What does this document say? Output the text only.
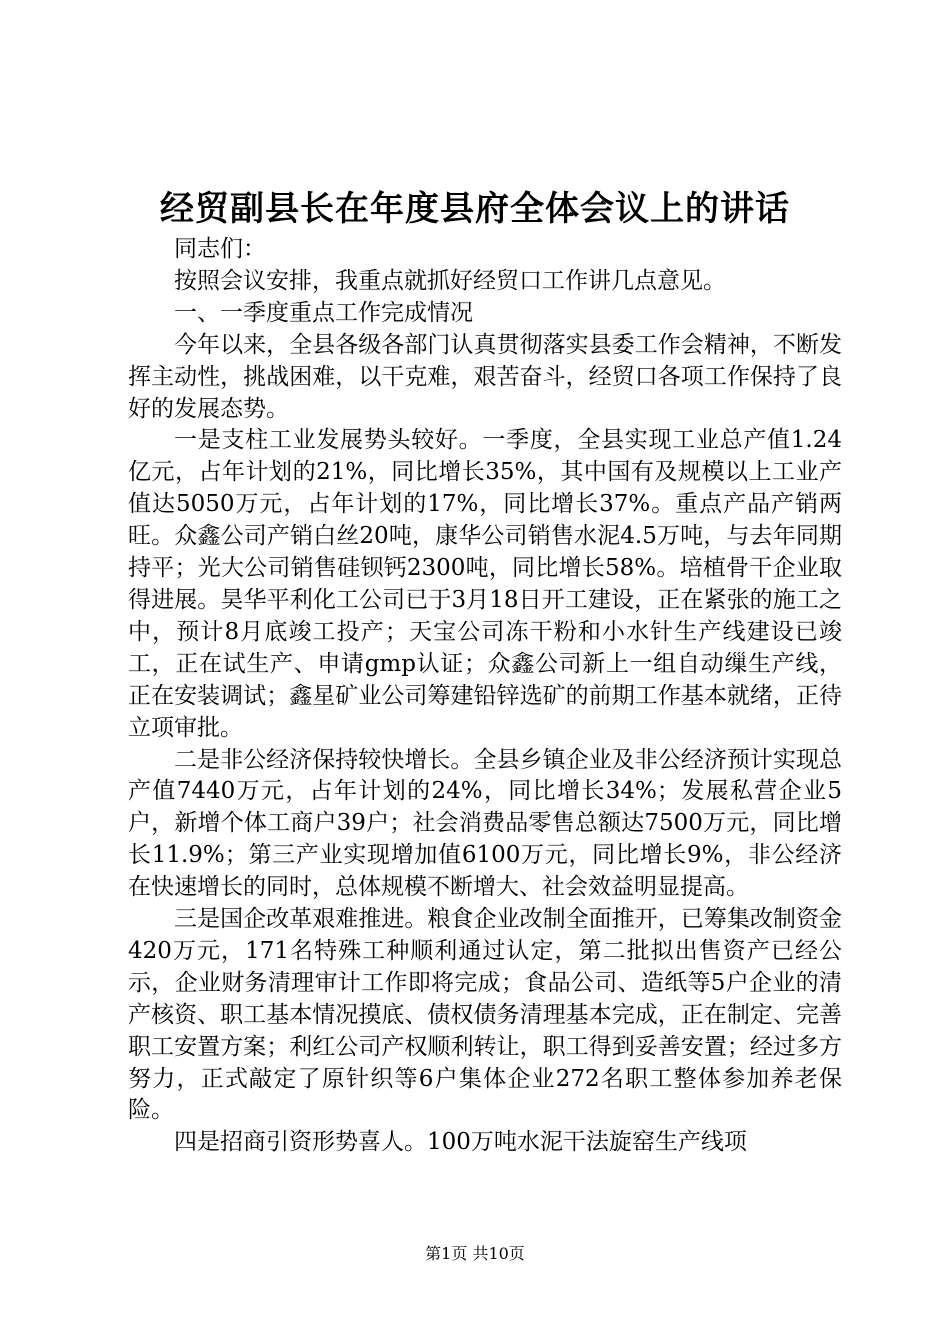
经贸副县长在年度县府全体会议上的讲话

同志们：

按照会议安排，我重点就抓好经贸口工作讲几点意见。

一、一季度重点工作完成情况

今年以来，全县各级各部门认真贯彻落实县委工作会精神，不断发挥主动性，挑战困难，以干克难，艰苦奋斗，经贸口各项工作保持了良好的发展态势。

一是支柱工业发展势头较好。一季度，全县实现工业总产值1.24亿元，占年计划的21%，同比增长35%，其中国有及规模以上工业产值达5050万元，占年计划的17%，同比增长37%。重点产品产销两旺。众鑫公司产销白丝20吨，康华公司销售水泥4.5万吨，与去年同期持平；光大公司销售硅钡钙2300吨，同比增长58%。培植骨干企业取得进展。昊华平利化工公司已于3月18日开工建设，正在紧张的施工之中，预计8月底竣工投产；天宝公司冻干粉和小水针生产线建设已竣工，正在试生产、申请gmp认证；众鑫公司新上一组自动缫生产线，正在安装调试；鑫星矿业公司筹建铅锌选矿的前期工作基本就绪，正待立项审批。

二是非公经济保持较快增长。全县乡镇企业及非公经济预计实现总产值7440万元，占年计划的24%，同比增长34%；发展私营企业5户，新增个体工商户39户；社会消费品零售总额达7500万元，同比增长11.9%；第三产业实现增加值6100万元，同比增长9%，非公经济在快速增长的同时，总体规模不断增大、社会效益明显提高。

三是国企改革艰难推进。粮食企业改制全面推开，已筹集改制资金420万元，171名特殊工种顺利通过认定，第二批拟出售资产已经公示，企业财务清理审计工作即将完成；食品公司、造纸等5户企业的清产核资、职工基本情况摸底、债权债务清理基本完成，正在制定、完善职工安置方案；利红公司产权顺利转让，职工得到妥善安置；经过多方努力，正式敲定了原针织等6户集体企业272名职工整体参加养老保险。

四是招商引资形势喜人。100万吨水泥干法旋窑生产线项

第1页 共10页
